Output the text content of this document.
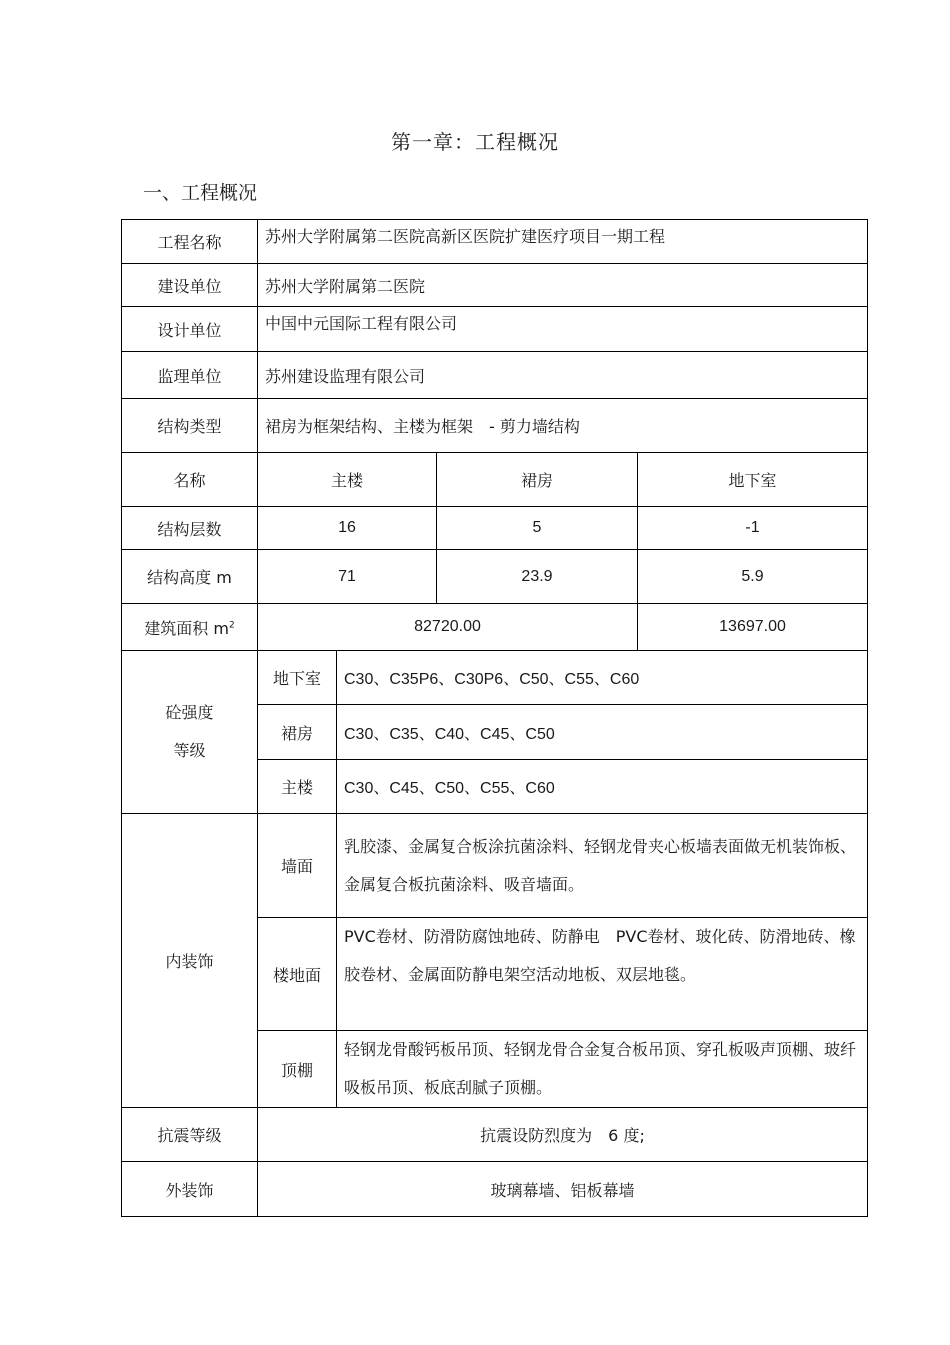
第一章：工程概况
一、工程概况
工程名称	苏州大学附属第二医院高新区医院扩建医疗项目一期工程			
建设单位	苏州大学附属第二医院			
设计单位	中国中元国际工程有限公司			
监理单位	苏州建设监理有限公司			
结构类型	裙房为框架结构、主楼为框架　- 剪力墙结构			
名称	主楼		裙房	地下室
结构层数	16		5	-1
结构高度 m	71		23.9	5.9
建筑面积 $m^2$	82720.00			13697.00

砼强度
等级	地下室	C30、C35P6、C30P6、C50、C55、C60		
	裙房	C30、C35、C40、C45、C50		
	主楼	C30、C45、C50、C55、C60		
内装饰	墙面	乳胶漆、金属复合板涂抗菌涂料、轻钢龙骨夹心板墙表面做无机装饰板、金属复合板抗菌涂料、吸音墙面。		
	楼地面	PVC卷材、防滑防腐蚀地砖、防静电　PVC卷材、玻化砖、防滑地砖、橡胶卷材、金属面防静电架空活动地板、双层地毯。		
	顶棚	轻钢龙骨酸钙板吊顶、轻钢龙骨合金复合板吊顶、穿孔板吸声顶棚、玻纤吸板吊顶、板底刮腻子顶棚。		
抗震等级	抗震设防烈度为　6 度;			
外装饰	玻璃幕墙、铝板幕墙			
